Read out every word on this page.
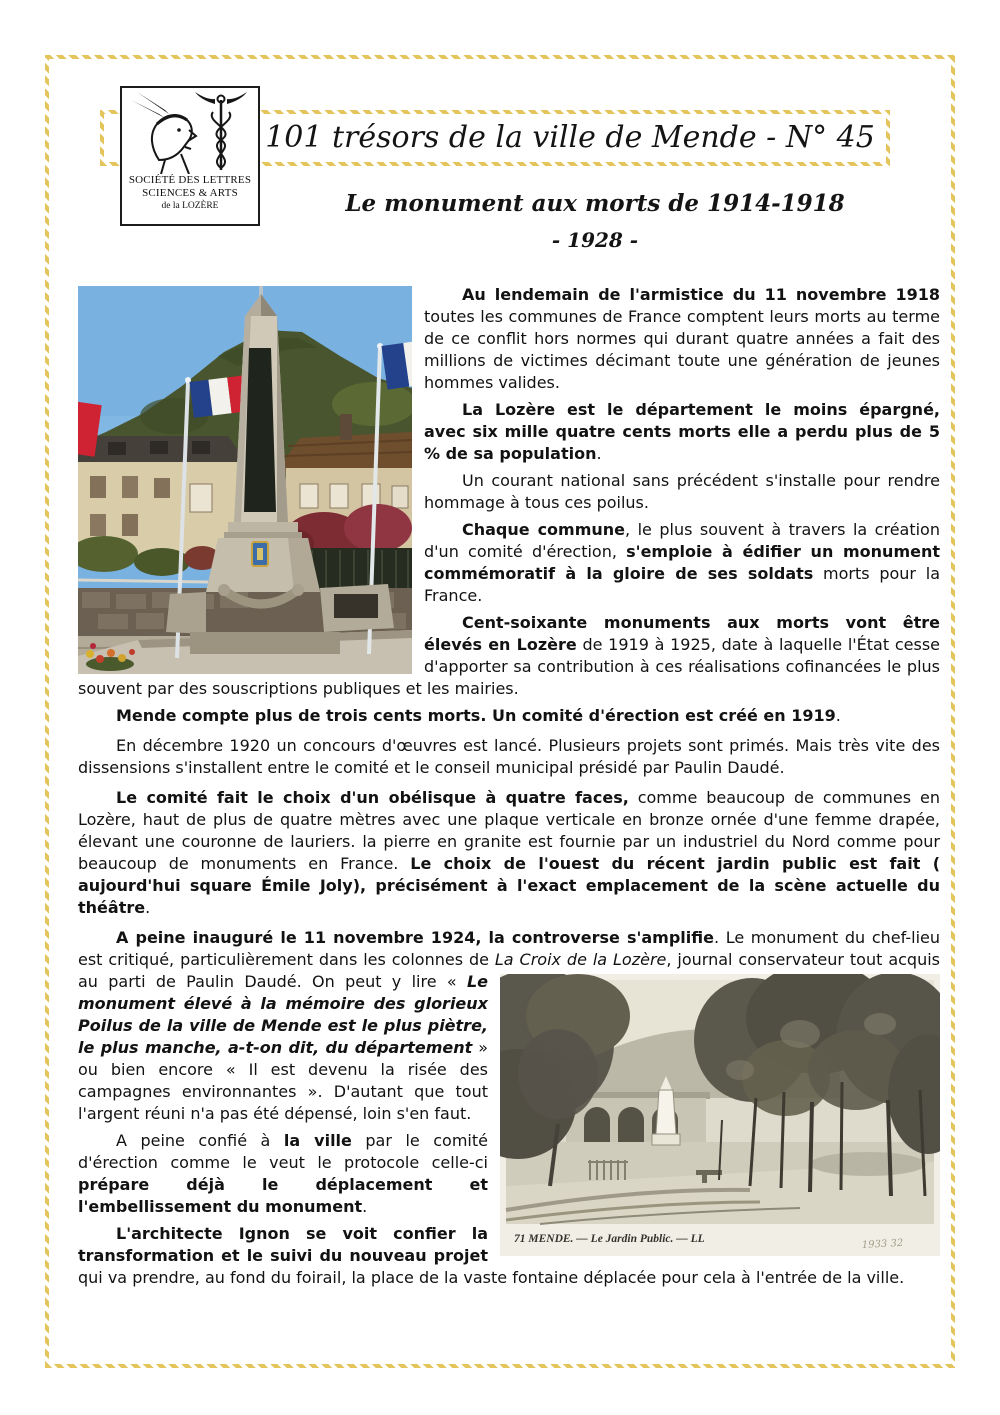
101 trésors de la ville de Mende - N° 45
SOCIÉTÉ DES LETTRES
SCIENCES & ARTS
de la LOZÈRE	Le monument aux morts de 1914-1918
- 1928 -

Au lendemain de l'armistice du 11 novembre 1918 toutes les communes de France comptent leurs morts au terme de ce conflit hors normes qui durant quatre années a fait des millions de victimes décimant toute une génération de jeunes hommes valides.

La Lozère est le département le moins épargné, avec six mille quatre cents morts elle a perdu plus de 5 % de sa population.

Un courant national sans précédent s'installe pour rendre hommage à tous ces poilus.

Chaque commune, le plus souvent à travers la création d'un comité d'érection, s'emploie à édifier un monument commémoratif à la gloire de ses soldats morts pour la France.

Cent-soixante monuments aux morts vont être élevés en Lozère de 1919 à 1925, date à laquelle l'État cesse d'apporter sa contribution à ces réalisations cofinancées le plus souvent par des souscriptions publiques et les mairies.

Mende compte plus de trois cents morts. Un comité d'érection est créé en 1919.

En décembre 1920 un concours d'œuvres est lancé. Plusieurs projets sont primés. Mais très vite des dissensions s'installent entre le comité et le conseil municipal présidé par Paulin Daudé.

Le comité fait le choix d'un obélisque à quatre faces, comme beaucoup de communes en Lozère, haut de plus de quatre mètres avec une plaque verticale en bronze ornée d'une femme drapée, élevant une couronne de lauriers. la pierre en granite est fournie par un industriel du Nord comme pour beaucoup de monuments en France. Le choix de l'ouest du récent jardin public est fait ( aujourd'hui square Émile Joly), précisément à l'exact emplacement de la scène actuelle du théâtre.

A peine inauguré le 11 novembre 1924, la controverse s'amplifie. Le monument du chef-lieu est critiqué, particulièrement dans les colonnes de La Croix de la Lozère, journal
71 MENDE. — Le Jardin Public. — LL	1933 32
conservateur tout acquis au parti de Paulin Daudé. On peut y lire « Le monument élevé à la mémoire des glorieux Poilus de la ville de Mende est le plus piètre, le plus manche, a-t-on dit, du département » ou bien encore « Il est devenu la risée des campagnes environnantes ». D'autant que tout l'argent réuni n'a pas été dépensé, loin s'en faut.

A peine confié à la ville par le comité d'érection comme le veut le protocole celle-ci prépare déjà le déplacement et l'embellissement du monument.

L'architecte Ignon se voit confier la transformation et le suivi du nouveau projet qui va prendre, au fond du foirail, la place de la vaste fontaine déplacée pour cela à l'entrée de la ville.
